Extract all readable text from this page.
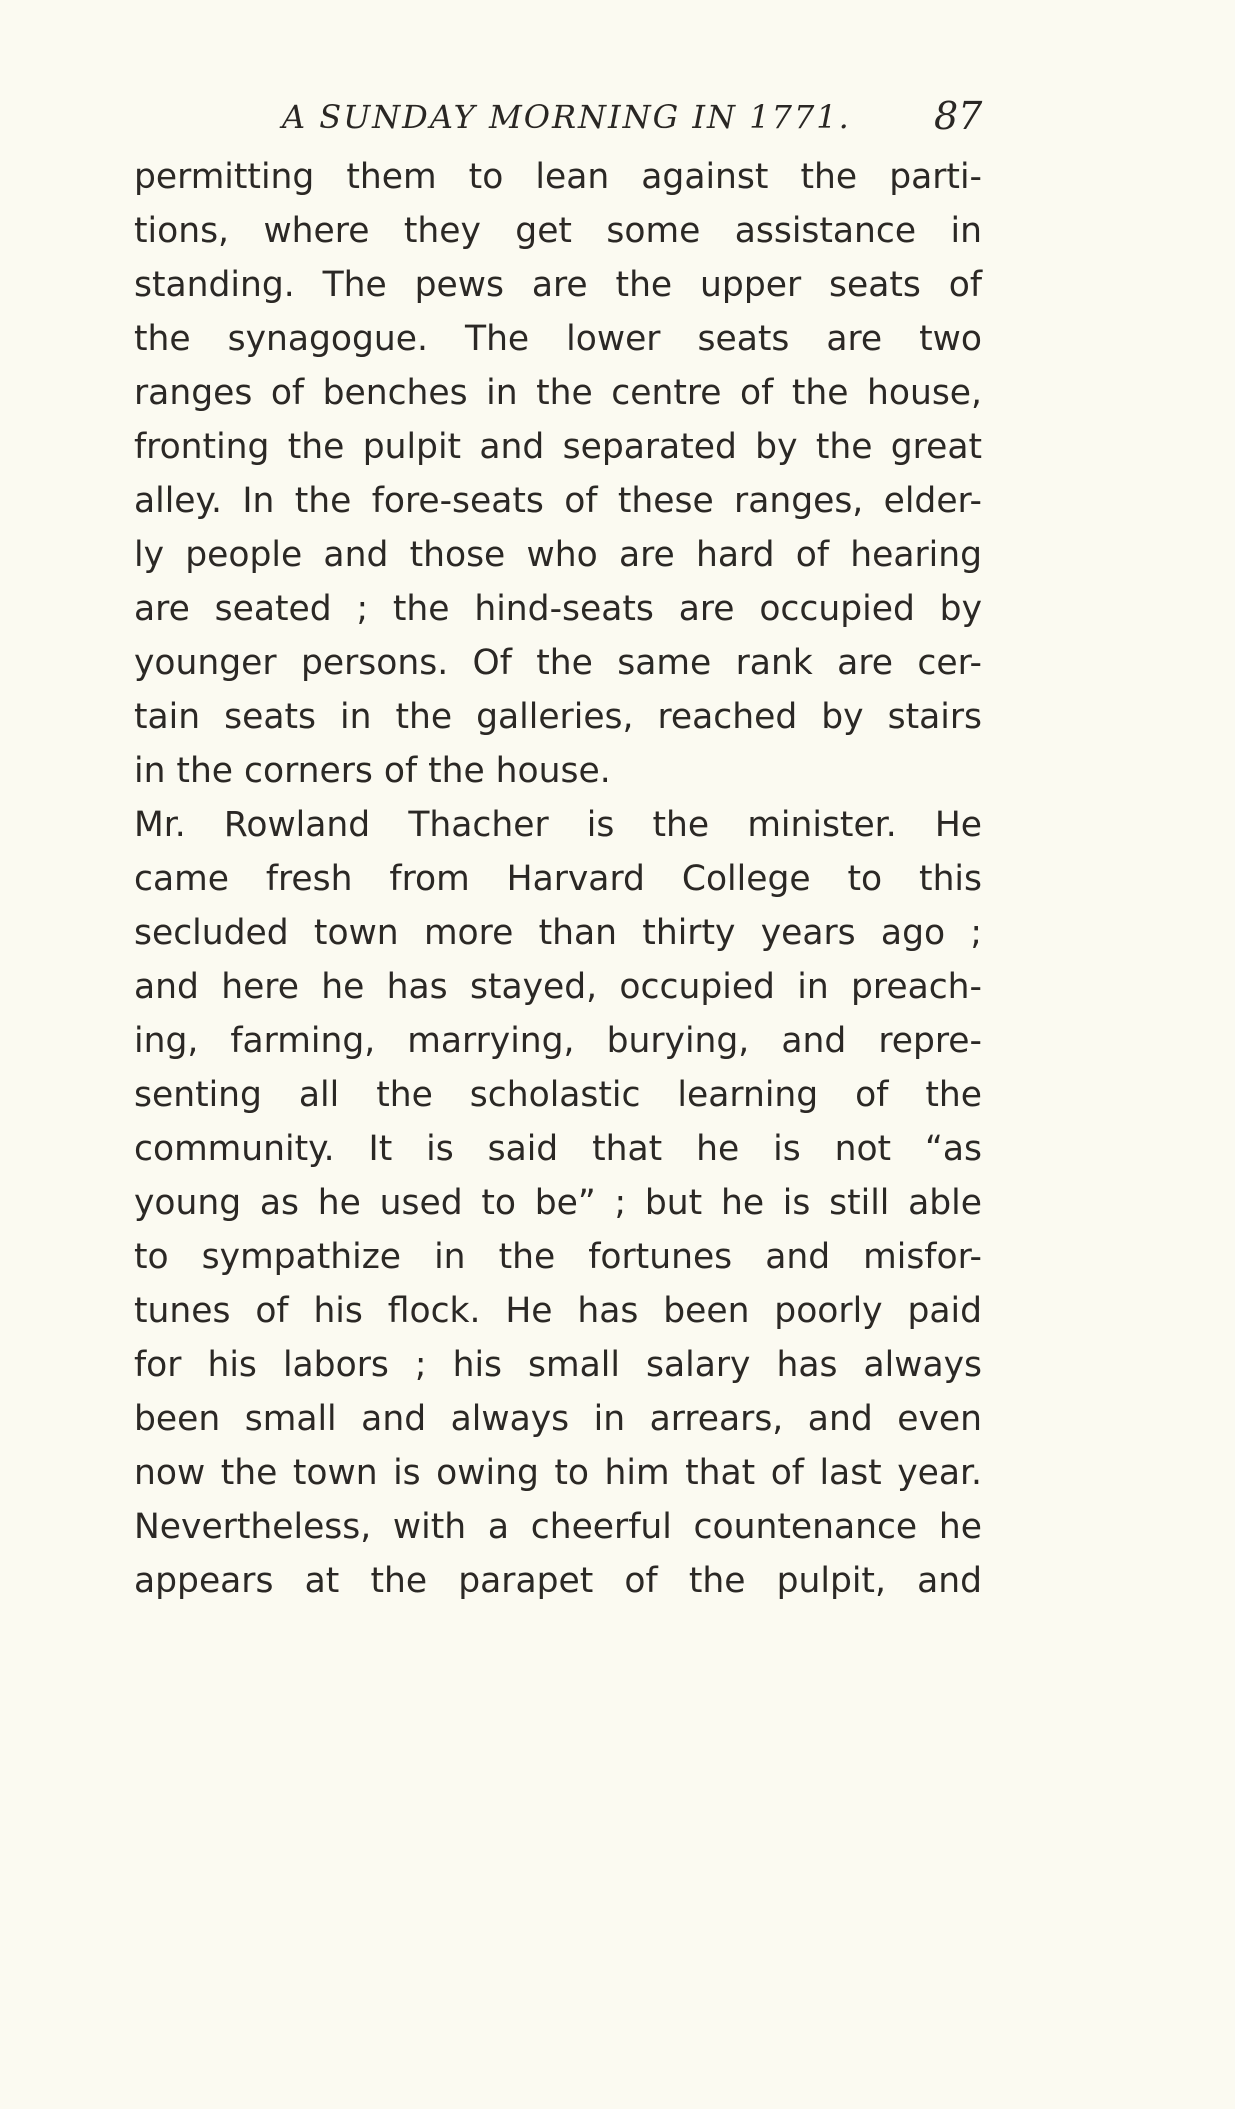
A SUNDAY MORNING IN 1771. 87
permitting them to lean against the parti-
tions, where they get some assistance in
standing. The pews are the upper seats of
the synagogue. The lower seats are two
ranges of benches in the centre of the house,
fronting the pulpit and separated by the great
alley. In the fore-seats of these ranges, elder-
ly people and those who are hard of hearing
are seated ; the hind-seats are occupied by
younger persons. Of the same rank are cer-
tain seats in the galleries, reached by stairs
in the corners of the house.
Mr. Rowland Thacher is the minister. He
came fresh from Harvard College to this
secluded town more than thirty years ago ;
and here he has stayed, occupied in preach-
ing, farming, marrying, burying, and repre-
senting all the scholastic learning of the
community. It is said that he is not “as
young as he used to be” ; but he is still able
to sympathize in the fortunes and misfor-
tunes of his flock. He has been poorly paid
for his labors ; his small salary has always
been small and always in arrears, and even
now the town is owing to him that of last year.
Nevertheless, with a cheerful countenance he
appears at the parapet of the pulpit, and
